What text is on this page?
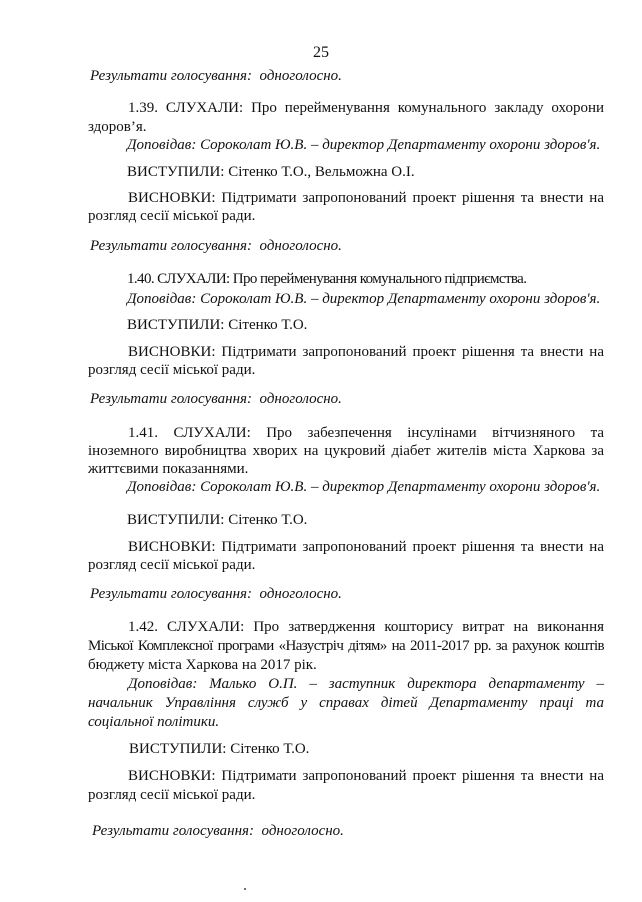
25
Результати голосування: одноголосно.
1.39. СЛУХАЛИ: Про перейменування комунального закладу охорони
здоров’я.
Доповідав: Сороколат Ю.В. – директор Департаменту охорони здоров'я.
ВИСТУПИЛИ: Сітенко Т.О., Вельможна О.І.
ВИСНОВКИ: Підтримати запропонований проект рішення та внести на
розгляд сесії міської ради.
Результати голосування: одноголосно.
1.40. СЛУХАЛИ: Про перейменування комунального підприємства.
Доповідав: Сороколат Ю.В. – директор Департаменту охорони здоров'я.
ВИСТУПИЛИ: Сітенко Т.О.
ВИСНОВКИ: Підтримати запропонований проект рішення та внести на
розгляд сесії міської ради.
Результати голосування: одноголосно.
1.41. СЛУХАЛИ: Про забезпечення інсулінами вітчизняного та
іноземного виробництва хворих на цукровий діабет жителів міста Харкова за
життєвими показаннями.
Доповідав: Сороколат Ю.В. – директор Департаменту охорони здоров'я.
ВИСТУПИЛИ: Сітенко Т.О.
ВИСНОВКИ: Підтримати запропонований проект рішення та внести на
розгляд сесії міської ради.
Результати голосування: одноголосно.
1.42. СЛУХАЛИ: Про затвердження кошторису витрат на виконання
Міської Комплексної програми «Назустріч дітям» на 2011-2017 рр. за рахунок коштів
бюджету міста Харкова на 2017 рік.
Доповідав: Малько О.П. – заступник директора департаменту –
начальник Управління служб у справах дітей Департаменту праці та
соціальної політики.
ВИСТУПИЛИ: Сітенко Т.О.
ВИСНОВКИ: Підтримати запропонований проект рішення та внести на
розгляд сесії міської ради.
Результати голосування: одноголосно.
